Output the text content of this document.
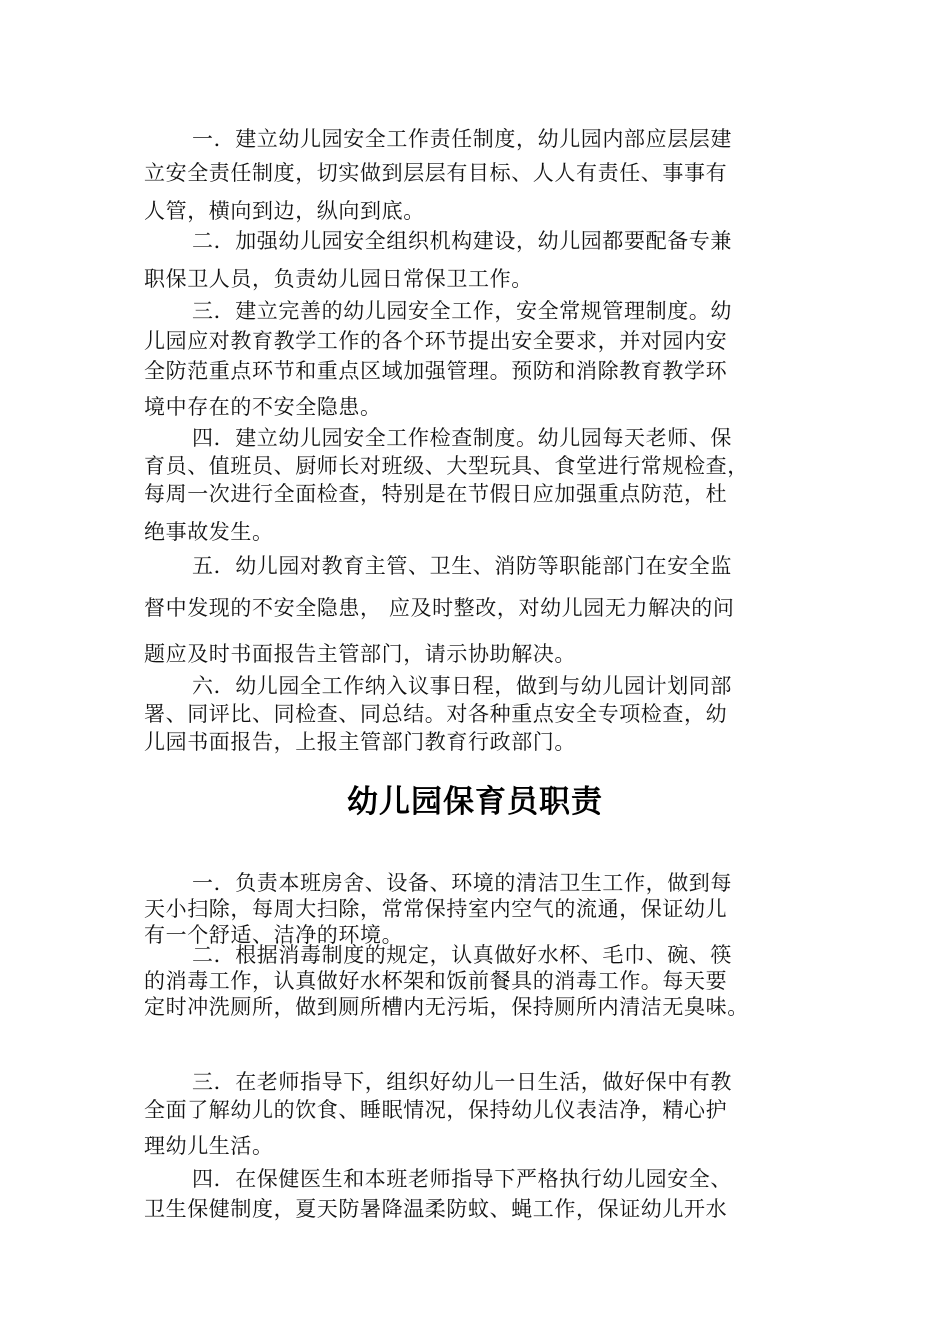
一．建立幼儿园安全工作责任制度，幼儿园内部应层层建
立安全责任制度，切实做到层层有目标、人人有责任、事事有
人管，横向到边，纵向到底。
二．加强幼儿园安全组织机构建设，幼儿园都要配备专兼
职保卫人员，负责幼儿园日常保卫工作。
三．建立完善的幼儿园安全工作，安全常规管理制度。幼
儿园应对教育教学工作的各个环节提出安全要求，并对园内安
全防范重点环节和重点区域加强管理。预防和消除教育教学环
境中存在的不安全隐患。
四．建立幼儿园安全工作检查制度。幼儿园每天老师、保
育员、值班员、厨师长对班级、大型玩具、食堂进行常规检查，
每周一次进行全面检查，特别是在节假日应加强重点防范，杜
绝事故发生。
五．幼儿园对教育主管、卫生、消防等职能部门在安全监
督中发现的不安全隐患， 应及时整改，对幼儿园无力解决的问
题应及时书面报告主管部门，请示协助解决。
六．幼儿园全工作纳入议事日程，做到与幼儿园计划同部
署、同评比、同检查、同总结。对各种重点安全专项检查，幼
儿园书面报告，上报主管部门教育行政部门。
幼儿园保育员职责
一．负责本班房舍、设备、环境的清洁卫生工作，做到每
天小扫除，每周大扫除，常常保持室内空气的流通，保证幼儿
有一个舒适、洁净的环境。
二．根据消毒制度的规定，认真做好水杯、毛巾、碗、筷
的消毒工作，认真做好水杯架和饭前餐具的消毒工作。每天要
定时冲洗厕所，做到厕所槽内无污垢，保持厕所内清洁无臭味。
三．在老师指导下，组织好幼儿一日生活，做好保中有教
全面了解幼儿的饮食、睡眠情况，保持幼儿仪表洁净，精心护
理幼儿生活。
四．在保健医生和本班老师指导下严格执行幼儿园安全、
卫生保健制度，夏天防暑降温柔防蚊、蝇工作，保证幼儿开水
